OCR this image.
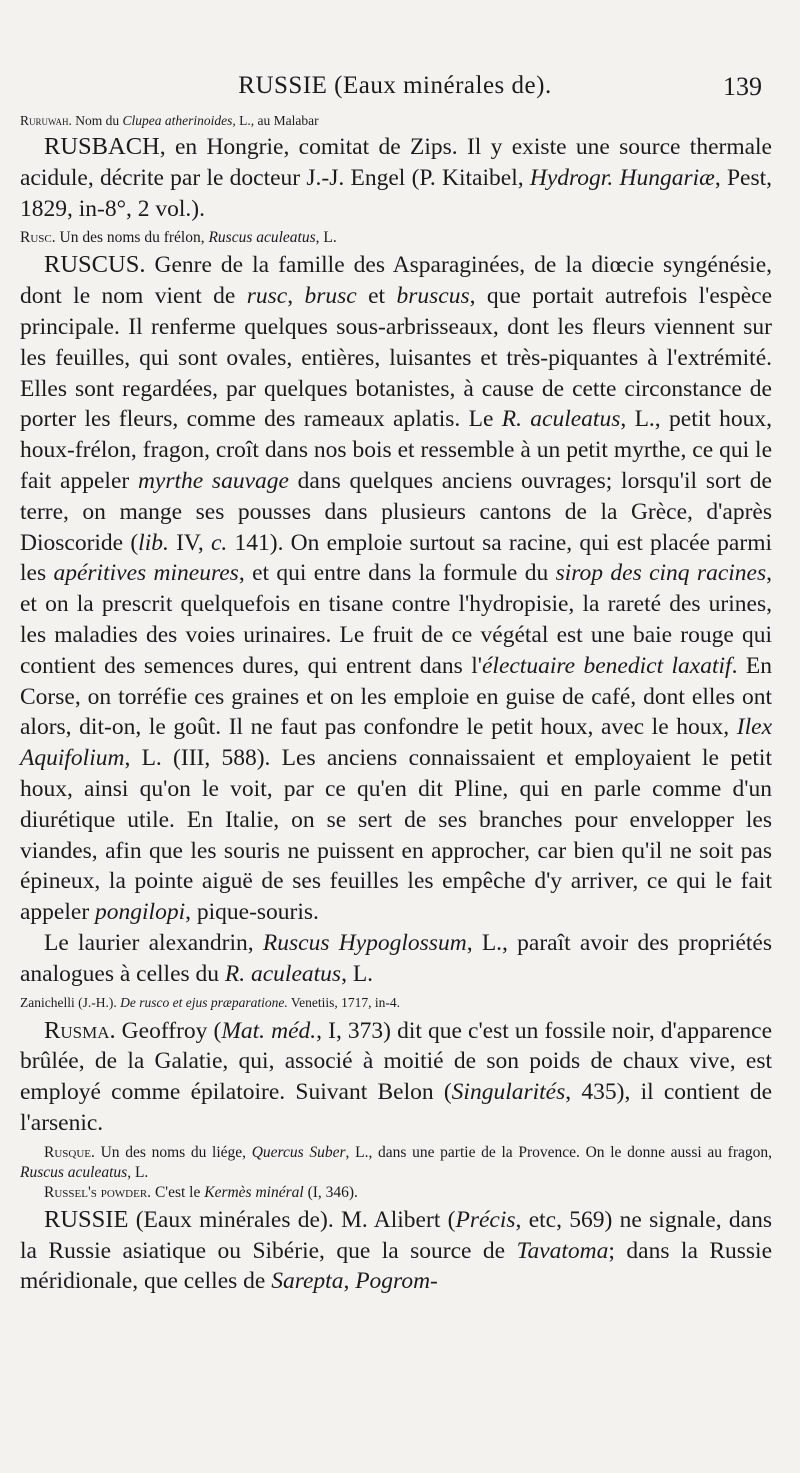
RUSSIE (Eaux minérales de).	139

Ruruwah. Nom du Clupea atherinoides, L., au Malabar

RUSBACH, en Hongrie, comitat de Zips. Il y existe une source thermale acidule, décrite par le docteur J.-J. Engel (P. Kitaibel, Hydrogr. Hungariæ, Pest, 1829, in-8°, 2 vol.).

Rusc. Un des noms du frélon, Ruscus aculeatus, L.

RUSCUS. Genre de la famille des Asparaginées, de la diœcie syngénésie, dont le nom vient de rusc, brusc et bruscus, que portait autrefois l'espèce principale. Il renferme quelques sous-arbrisseaux, dont les fleurs viennent sur les feuilles, qui sont ovales, entières, luisantes et très-piquantes à l'extrémité. Elles sont regardées, par quelques botanistes, à cause de cette circonstance de porter les fleurs, comme des rameaux aplatis. Le R. aculeatus, L., petit houx, houx-frélon, fragon, croît dans nos bois et ressemble à un petit myrthe, ce qui le fait appeler myrthe sauvage dans quelques anciens ouvrages; lorsqu'il sort de terre, on mange ses pousses dans plusieurs cantons de la Grèce, d'après Dioscoride (lib. IV, c. 141). On emploie surtout sa racine, qui est placée parmi les apéritives mineures, et qui entre dans la formule du sirop des cinq racines, et on la prescrit quelquefois en tisane contre l'hydropisie, la rareté des urines, les maladies des voies urinaires. Le fruit de ce végétal est une baie rouge qui contient des semences dures, qui entrent dans l'électuaire benedict laxatif. En Corse, on torréfie ces graines et on les emploie en guise de café, dont elles ont alors, dit-on, le goût. Il ne faut pas confondre le petit houx, avec le houx, Ilex Aquifolium, L. (III, 588). Les anciens connaissaient et employaient le petit houx, ainsi qu'on le voit, par ce qu'en dit Pline, qui en parle comme d'un diurétique utile. En Italie, on se sert de ses branches pour envelopper les viandes, afin que les souris ne puissent en approcher, car bien qu'il ne soit pas épineux, la pointe aiguë de ses feuilles les empêche d'y arriver, ce qui le fait appeler pongilopi, pique-souris.

Le laurier alexandrin, Ruscus Hypoglossum, L., paraît avoir des propriétés analogues à celles du R. aculeatus, L.

Zanichelli (J.-H.). De rusco et ejus præparatione. Venetiis, 1717, in-4.

Rusma. Geoffroy (Mat. méd., I, 373) dit que c'est un fossile noir, d'apparence brûlée, de la Galatie, qui, associé à moitié de son poids de chaux vive, est employé comme épilatoire. Suivant Belon (Singularités, 435), il contient de l'arsenic.

Rusque. Un des noms du liége, Quercus Suber, L., dans une partie de la Provence. On le donne aussi au fragon, Ruscus aculeatus, L.

Russel's powder. C'est le Kermès minéral (I, 346).

RUSSIE (Eaux minérales de). M. Alibert (Précis, etc, 569) ne signale, dans la Russie asiatique ou Sibérie, que la source de Tavatoma; dans la Russie méridionale, que celles de Sarepta, Pogrom-
